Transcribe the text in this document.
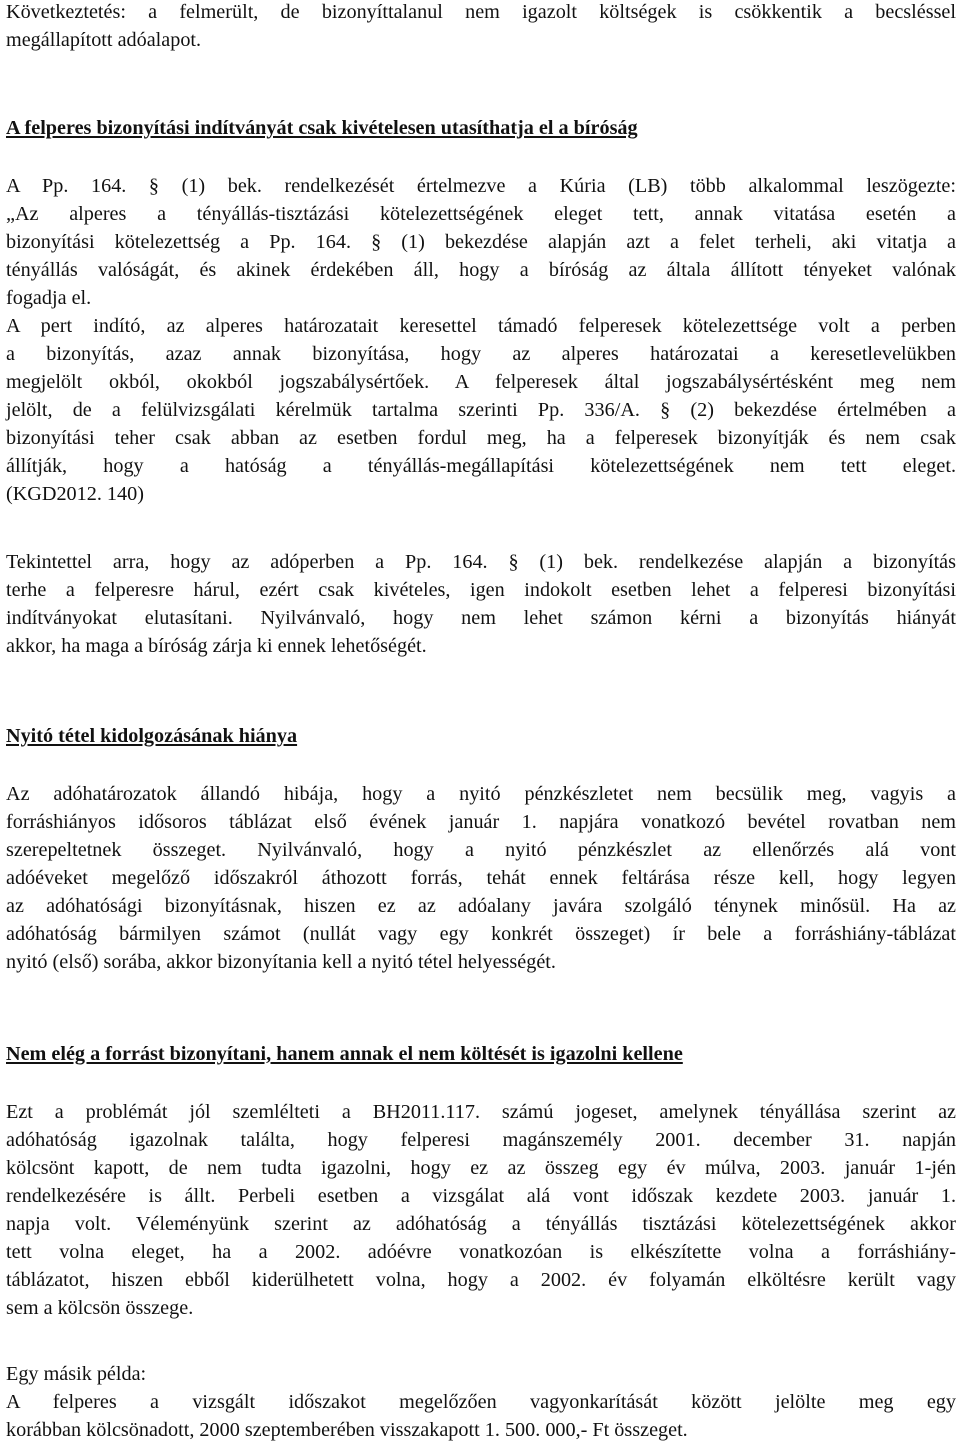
Következtetés: a felmerült, de bizonyíttalanul nem igazolt költségek is csökkentik a becsléssel
megállapított adóalapot.
A felperes bizonyítási indítványát csak kivételesen utasíthatja el a bíróság
A Pp. 164. § (1) bek. rendelkezését értelmezve a Kúria (LB) több alkalommal leszögezte:
„Az alperes a tényállás-tisztázási kötelezettségének eleget tett, annak vitatása esetén a
bizonyítási kötelezettség a Pp. 164. § (1) bekezdése alapján azt a felet terheli, aki vitatja a
tényállás valóságát, és akinek érdekében áll, hogy a bíróság az általa állított tényeket valónak
fogadja el.
A pert indító, az alperes határozatait keresettel támadó felperesek kötelezettsége volt a perben
a bizonyítás, azaz annak bizonyítása, hogy az alperes határozatai a keresetlevelükben
megjelölt okból, okokból jogszabálysértőek. A felperesek által jogszabálysértésként meg nem
jelölt, de a felülvizsgálati kérelmük tartalma szerinti Pp. 336/A. § (2) bekezdése értelmében a
bizonyítási teher csak abban az esetben fordul meg, ha a felperesek bizonyítják és nem csak
állítják, hogy a hatóság a tényállás-megállapítási kötelezettségének nem tett eleget.
(KGD2012. 140)
Tekintettel arra, hogy az adóperben a Pp. 164. § (1) bek. rendelkezése alapján a bizonyítás
terhe a felperesre hárul, ezért csak kivételes, igen indokolt esetben lehet a felperesi bizonyítási
indítványokat elutasítani. Nyilvánvaló, hogy nem lehet számon kérni a bizonyítás hiányát
akkor, ha maga a bíróság zárja ki ennek lehetőségét.
Nyitó tétel kidolgozásának hiánya
Az adóhatározatok állandó hibája, hogy a nyitó pénzkészletet nem becsülik meg, vagyis a
forráshiányos idősoros táblázat első évének január 1. napjára vonatkozó bevétel rovatban nem
szerepeltetnek összeget. Nyilvánvaló, hogy a nyitó pénzkészlet az ellenőrzés alá vont
adóéveket megelőző időszakról áthozott forrás, tehát ennek feltárása része kell, hogy legyen
az adóhatósági bizonyításnak, hiszen ez az adóalany javára szolgáló ténynek minősül. Ha az
adóhatóság bármilyen számot (nullát vagy egy konkrét összeget) ír bele a forráshiány-táblázat
nyitó (első) sorába, akkor bizonyítania kell a nyitó tétel helyességét.
Nem elég a forrást bizonyítani, hanem annak el nem költését is igazolni kellene
Ezt a problémát jól szemlélteti a BH2011.117. számú jogeset, amelynek tényállása szerint az
adóhatóság igazolnak találta, hogy felperesi magánszemély 2001. december 31. napján
kölcsönt kapott, de nem tudta igazolni, hogy ez az összeg egy év múlva, 2003. január 1-jén
rendelkezésére is állt. Perbeli esetben a vizsgálat alá vont időszak kezdete 2003. január 1.
napja volt. Véleményünk szerint az adóhatóság a tényállás tisztázási kötelezettségének akkor
tett volna eleget, ha a 2002. adóévre vonatkozóan is elkészítette volna a forráshiány-
táblázatot, hiszen ebből kiderülhetett volna, hogy a 2002. év folyamán elköltésre került vagy
sem a kölcsön összege.
Egy másik példa:
A felperes a vizsgált időszakot megelőzően vagyonkarítását között jelölte meg egy
korábban kölcsönadott, 2000 szeptemberében visszakapott 1. 500. 000,- Ft összeget.
